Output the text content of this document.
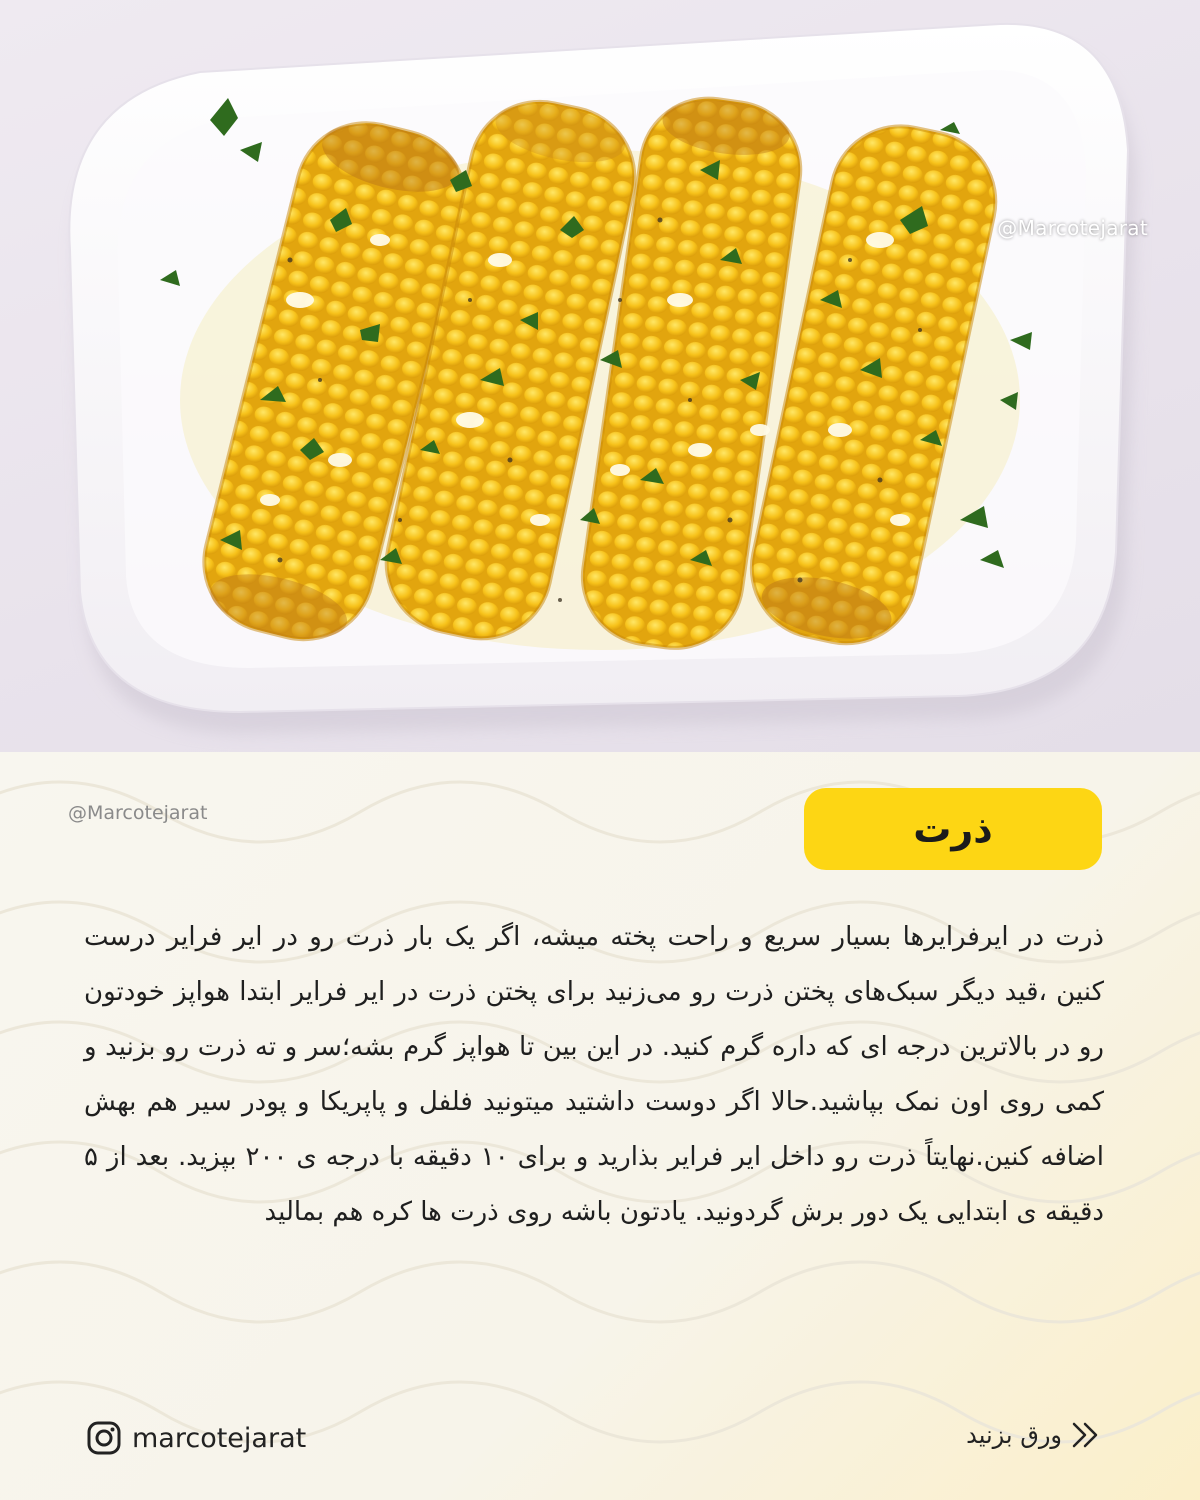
@Marcotejarat
@Marcotejarat	ذرت

ذرت در ایرفرایرها بسیار سریع و راحت پخته میشه، اگر یک بار ذرت رو در ایر فرایر درست کنین ،قید دیگر سبک‌های پختن ذرت رو می‌زنید برای پختن ذرت در ایر فرایر ابتدا هواپز خودتون رو در بالاترین درجه ای که داره گرم کنید. در این بین تا هواپز گرم بشه؛سر و ته ذرت رو بزنید و کمی روی اون نمک بپاشید.حالا اگر دوست داشتید میتونید فلفل و پاپریکا و پودر سیر هم بهش اضافه کنین.نهایتاً ذرت رو داخل ایر فرایر بذارید و برای ۱۰ دقیقه با درجه ی ۲۰۰ بپزید. بعد از ۵ دقیقه ی ابتدایی یک دور برش گردونید. یادتون باشه روی ذرت ها کره هم بمالید

marcotejarat	ورق بزنید
